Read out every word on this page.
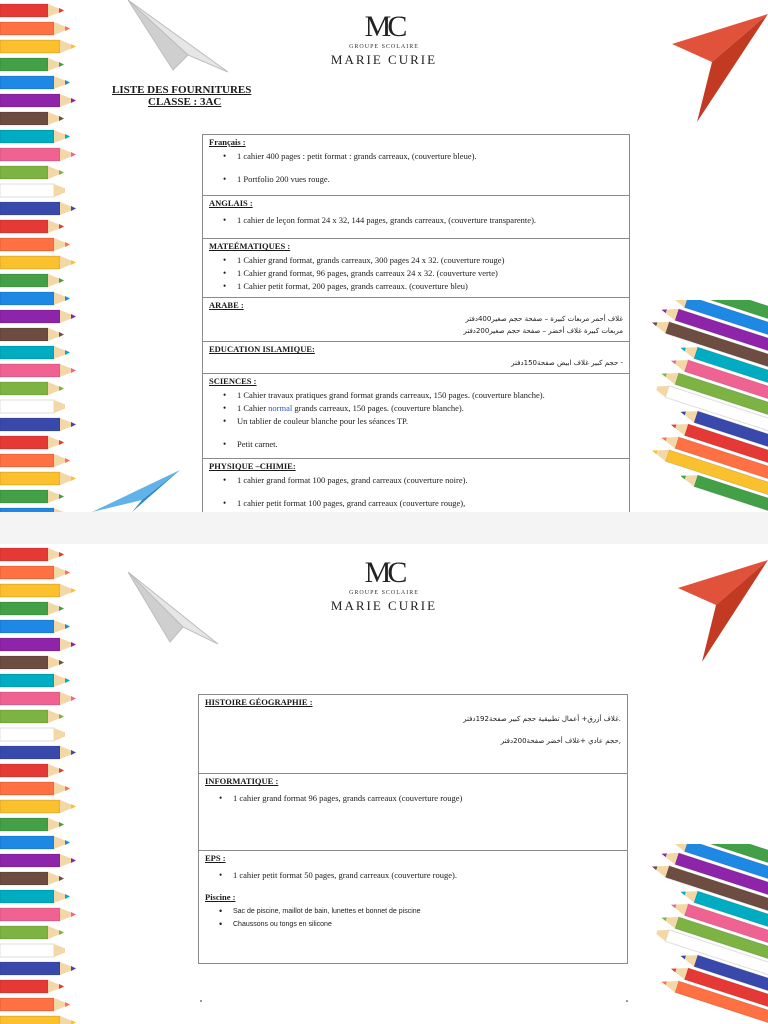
MC
GROUPE SCOLAIRE
MARIE CURIE
LISTE DES FOURNITURES
CLASSE : 3AC
Français :
• 1 cahier 400 pages : petit format : grands carreaux, (couverture bleue).
• 1 Portfolio 200 vues rouge.

ANGLAIS :
• 1 cahier de leçon format 24 x 32, 144 pages, grands carreaux, (couverture transparente).

MATEÉMATIQUES :
• 1 Cahier grand format, grands carreaux, 300 pages 24 x 32. (couverture rouge)
• 1 Cahier grand format, 96 pages, grands carreaux 24 x 32. (couverture verte)
• 1 Cahier petit format, 200 pages, grands carreaux. (couverture bleu)

ARABE :
غلاف أحمر مربعات كبيرة – صفحة حجم صغير400دفتر
مربعات كبيرة غلاف أخضر – صفحة حجم صغير200دفتر

EDUCATION ISLAMIQUE:
- حجم كبير غلاف ابيض صفحة150دفتر

SCIENCES :
• 1 Cahier travaux pratiques grand format grands carreaux, 150 pages. (couverture blanche).
• 1 Cahier normal grands carreaux, 150 pages. (couverture blanche).
• Un tablier de couleur blanche pour les séances TP.
• Petit carnet.

PHYSIQUE –CHIMIE:
• 1 cahier grand format 100 pages, grand carreaux (couverture noire).
• 1 cahier petit format 100 pages, grand carreaux (couverture rouge),

MC
GROUPE SCOLAIRE
MARIE CURIE
HISTOIRE GÉOGRAPHIE :
.غلاف أزرق+ أعمال تطبيقية حجم كبير صفحة192دفتر
,حجم عادي +غلاف أخضر صفحة200دفتر

INFORMATIQUE :
• 1 cahier grand format 96 pages, grands carreaux (couverture rouge)

EPS :
• 1 cahier petit format 50 pages, grand carreaux (couverture rouge).
Piscine :
• Sac de piscine, maillot de bain, lunettes et bonnet de piscine
• Chaussons ou tongs en silicone
